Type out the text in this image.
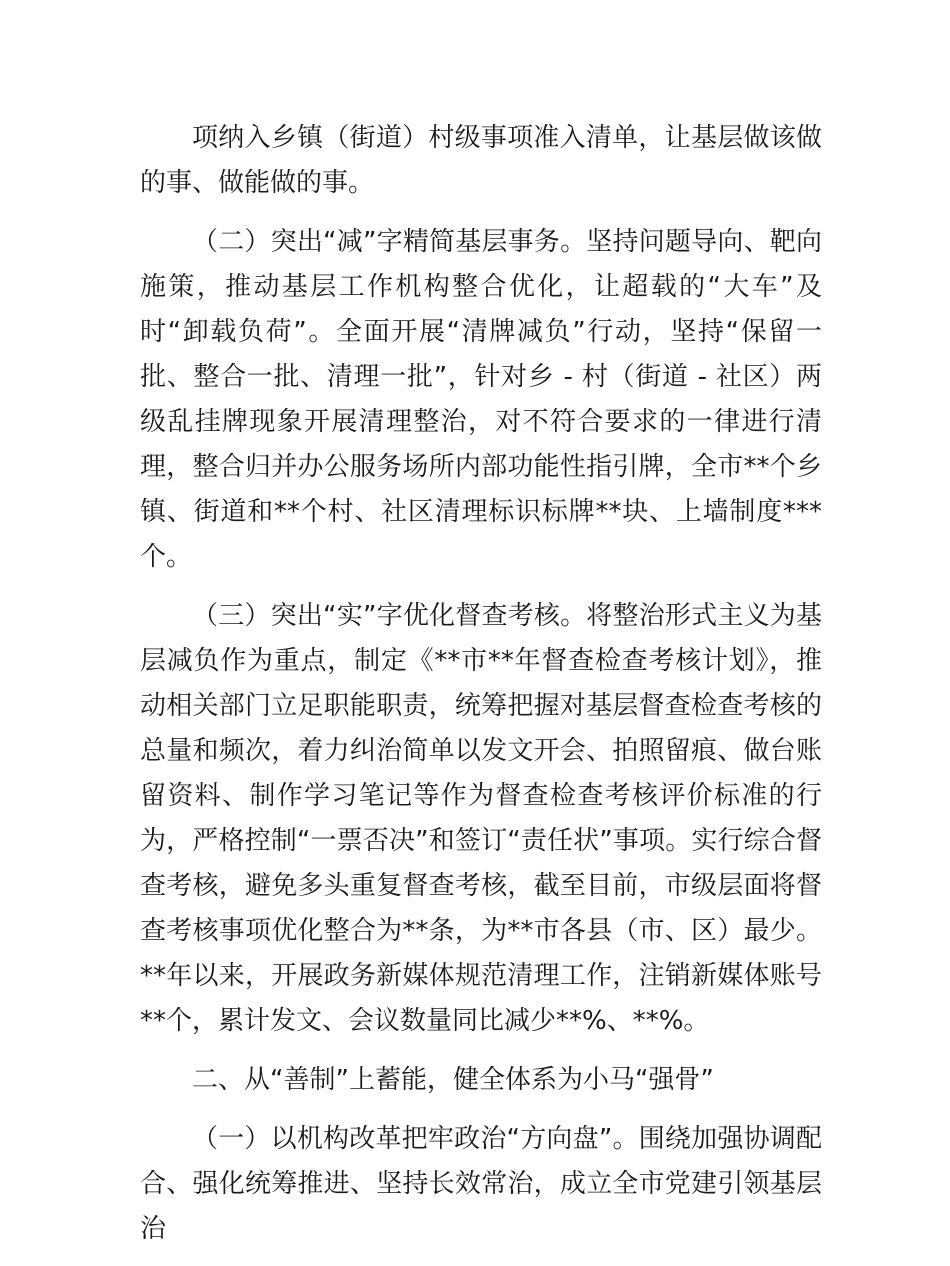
项纳入乡镇（街道）村级事项准入清单，让基层做该做的事、做能做的事。

（二）突出“减”字精简基层事务。坚持问题导向、靶向施策，推动基层工作机构整合优化，让超载的“大车”及时“卸载负荷”。全面开展“清牌减负”行动，坚持“保留一批、整合一批、清理一批”，针对乡 - 村（街道 - 社区）两级乱挂牌现象开展清理整治，对不符合要求的一律进行清理，整合归并办公服务场所内部功能性指引牌，全市**个乡镇、街道和**个村、社区清理标识标牌**块、上墙制度***个。

（三）突出“实”字优化督查考核。将整治形式主义为基层减负作为重点，制定《**市**年督查检查考核计划》，推动相关部门立足职能职责，统筹把握对基层督查检查考核的总量和频次，着力纠治简单以发文开会、拍照留痕、做台账留资料、制作学习笔记等作为督查检查考核评价标准的行为，严格控制“一票否决”和签订“责任状”事项。实行综合督查考核，避免多头重复督查考核，截至目前，市级层面将督查考核事项优化整合为**条，为**市各县（市、区）最少。**年以来，开展政务新媒体规范清理工作，注销新媒体账号**个，累计发文、会议数量同比减少**%、**%。

二、从“善制”上蓄能，健全体系为小马“强骨”

（一）以机构改革把牢政治“方向盘”。围绕加强协调配合、强化统筹推进、坚持长效常治，成立全市党建引领基层治
